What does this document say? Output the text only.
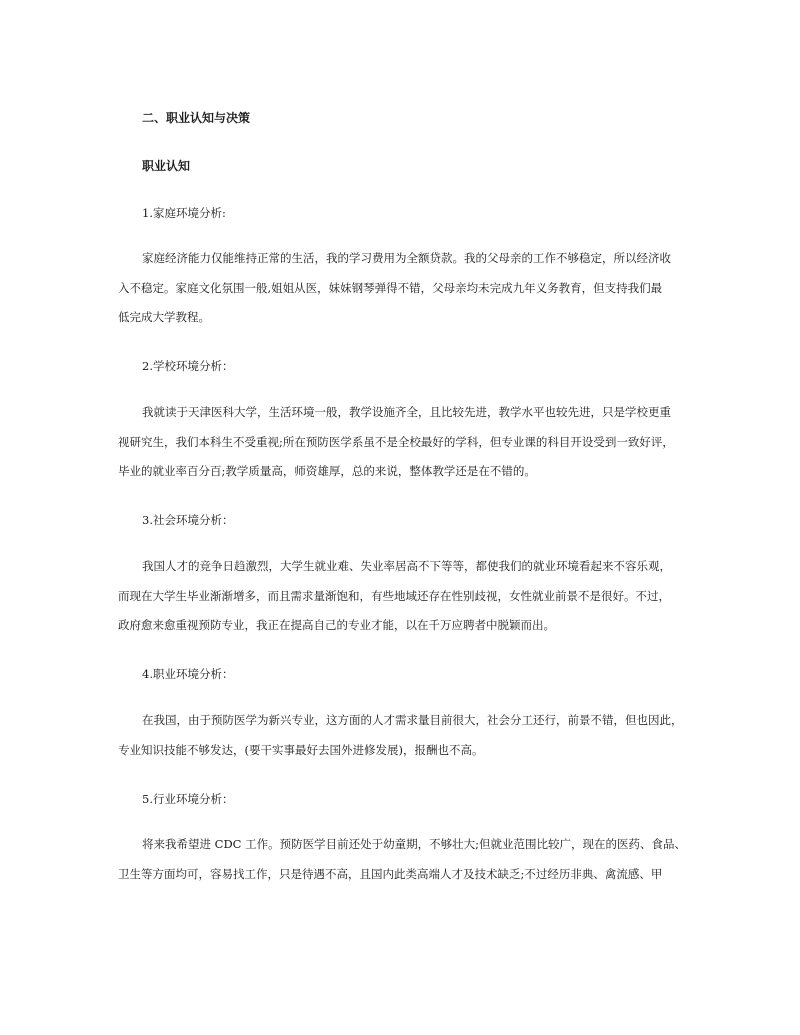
二、职业认知与决策
职业认知
1.家庭环境分析:
家庭经济能力仅能维持正常的生活，我的学习费用为全额贷款。我的父母亲的工作不够稳定，所以经济收
入不稳定。家庭文化氛围一般,姐姐从医，妹妹钢琴弹得不错，父母亲均未完成九年义务教育，但支持我们最
低完成大学教程。
2.学校环境分析：
我就读于天津医科大学，生活环境一般，教学设施齐全，且比较先进，教学水平也较先进，只是学校更重
视研究生，我们本科生不受重视;所在预防医学系虽不是全校最好的学科，但专业课的科目开设受到一致好评，
毕业的就业率百分百;教学质量高，师资雄厚，总的来说，整体教学还是在不错的。
3.社会环境分析：
我国人才的竞争日趋激烈，大学生就业难、失业率居高不下等等，都使我们的就业环境看起来不容乐观，
而现在大学生毕业渐渐增多，而且需求量渐饱和，有些地域还存在性别歧视，女性就业前景不是很好。不过，
政府愈来愈重视预防专业，我正在提高自己的专业才能，以在千万应聘者中脱颖而出。
4.职业环境分析：
在我国，由于预防医学为新兴专业，这方面的人才需求量目前很大，社会分工还行，前景不错，但也因此，
专业知识技能不够发达，(要干实事最好去国外进修发展)，报酬也不高。
5.行业环境分析：
将来我希望进 CDC 工作。预防医学目前还处于幼童期，不够壮大;但就业范围比较广，现在的医药、食品、
卫生等方面均可，容易找工作，只是待遇不高，且国内此类高端人才及技术缺乏;不过经历非典、禽流感、甲
